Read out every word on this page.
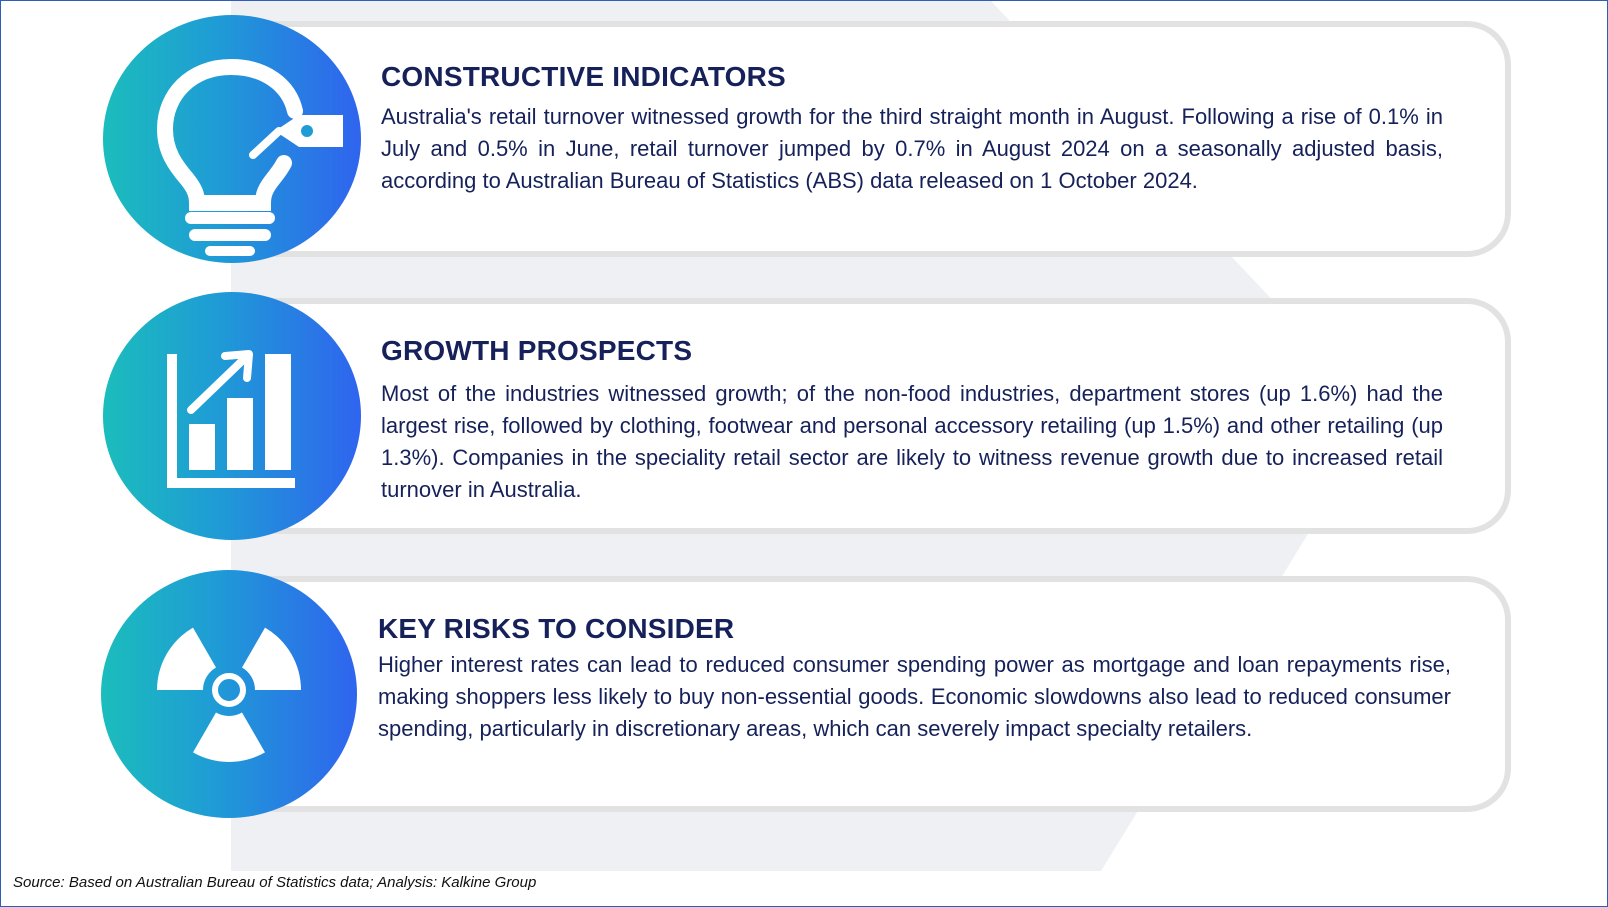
CONSTRUCTIVE INDICATORS
Australia's retail turnover witnessed growth for the third straight month in August. Following a rise of 0.1% in July and 0.5% in June, retail turnover jumped by 0.7% in August 2024 on a seasonally adjusted basis, according to Australian Bureau of Statistics (ABS) data released on 1 October 2024.
GROWTH PROSPECTS
Most of the industries witnessed growth; of the non-food industries, department stores (up 1.6%) had the largest rise, followed by clothing, footwear and personal accessory retailing (up 1.5%) and other retailing (up 1.3%). Companies in the speciality retail sector are likely to witness revenue growth due to increased retail turnover in Australia.
KEY RISKS TO CONSIDER
Higher interest rates can lead to reduced consumer spending power as mortgage and loan repayments rise, making shoppers less likely to buy non-essential goods. Economic slowdowns also lead to reduced consumer spending, particularly in discretionary areas, which can severely impact specialty retailers.
Source: Based on Australian Bureau of Statistics data; Analysis: Kalkine Group
